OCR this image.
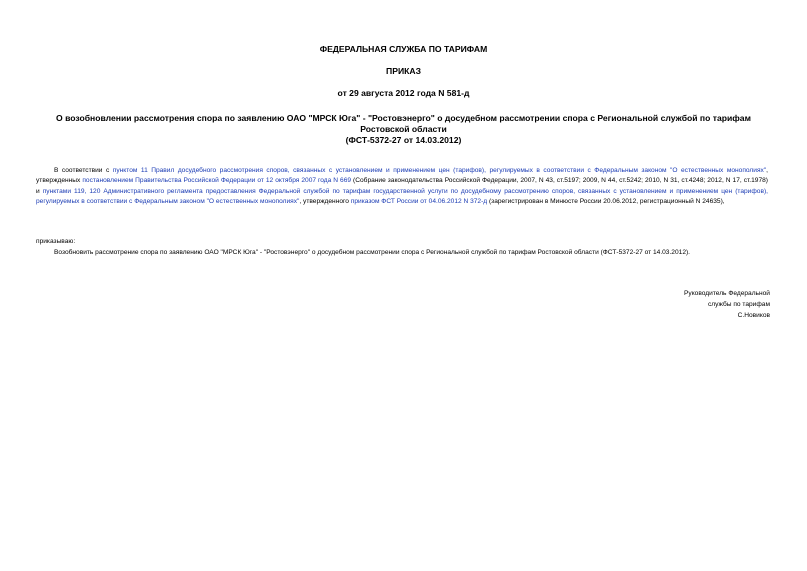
ФЕДЕРАЛЬНАЯ СЛУЖБА ПО ТАРИФАМ
ПРИКАЗ
от 29 августа 2012 года N 581-д
О возобновлении рассмотрения спора по заявлению ОАО "МРСК Юга" - "Ростовэнерго" о досудебном рассмотрении спора с Региональной службой по тарифам
Ростовской области
(ФСТ-5372-27 от 14.03.2012)
В соответствии с пунктом 11 Правил досудебного рассмотрения споров, связанных с установлением и применением цен (тарифов), регулируемых в соответствии с Федеральным законом "О естественных монополиях", утвержденных постановлением Правительства Российской Федерации от 12 октября 2007 года N 669 (Собрание законодательства Российской Федерации, 2007, N 43, ст.5197; 2009, N 44, ст.5242; 2010, N 31, ст.4248; 2012, N 17, ст.1978) и пунктами 119, 120 Административного регламента предоставления Федеральной службой по тарифам государственной услуги по досудебному рассмотрению споров, связанных с установлением и применением цен (тарифов), регулируемых в соответствии с Федеральным законом "О естественных монополиях", утвержденного приказом ФСТ России от 04.06.2012 N 372-д (зарегистрирован в Минюсте России 20.06.2012, регистрационный N 24635),
приказываю:
Возобновить рассмотрение спора по заявлению ОАО "МРСК Юга" - "Ростовэнерго" о досудебном рассмотрении спора с Региональной службой по тарифам Ростовской области (ФСТ-5372-27 от 14.03.2012).
Руководитель Федеральной
службы по тарифам
С.Новиков
